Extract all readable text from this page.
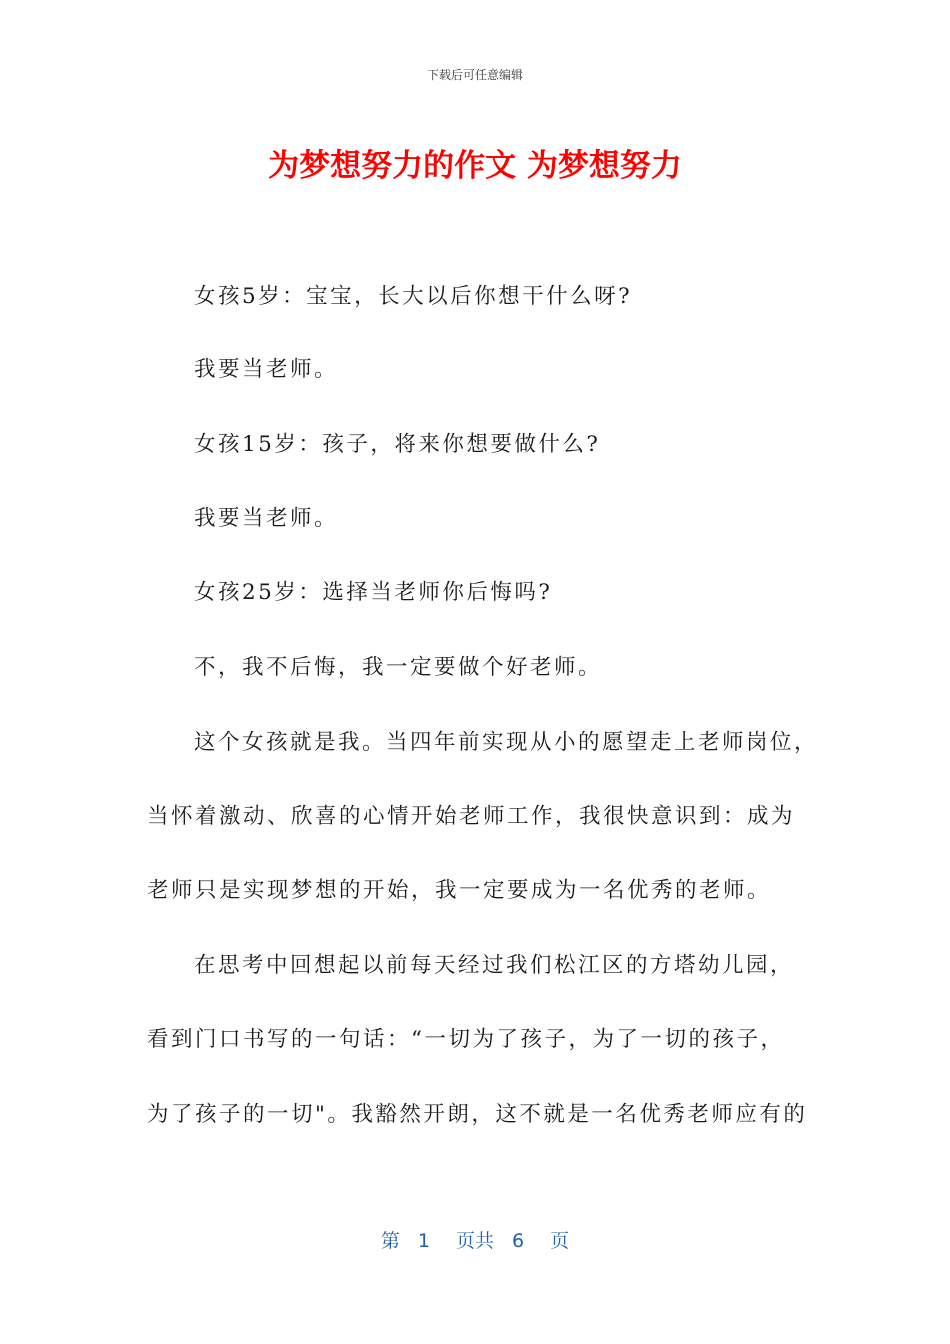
下载后可任意编辑
为梦想努力的作文 为梦想努力
女孩5岁：宝宝，长大以后你想干什么呀?
我要当老师。
女孩15岁：孩子，将来你想要做什么?
我要当老师。
女孩25岁：选择当老师你后悔吗?
不，我不后悔，我一定要做个好老师。
这个女孩就是我。当四年前实现从小的愿望走上老师岗位，
当怀着激动、欣喜的心情开始老师工作，我很快意识到：成为
老师只是实现梦想的开始，我一定要成为一名优秀的老师。
在思考中回想起以前每天经过我们松江区的方塔幼儿园，
看到门口书写的一句话：“一切为了孩子，为了一切的孩子，
为了孩子的一切"。我豁然开朗，这不就是一名优秀老师应有的
第 1 页共 6 页
